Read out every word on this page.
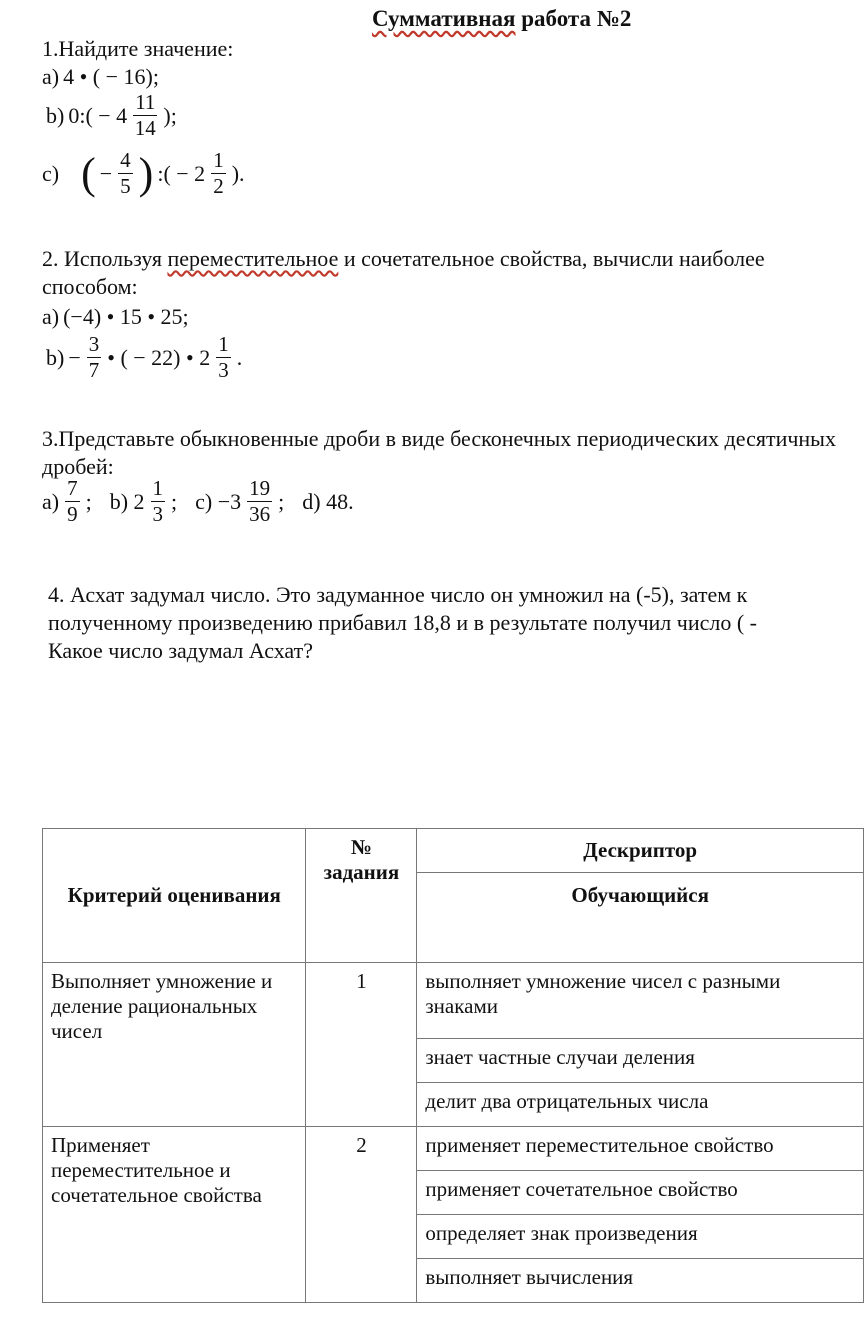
Суммативная работа №2
1.Найдите значение:
a) 4 • ( − 16);
b) 0:( − $4 \frac{11}{14}$ );
c) ( − $\frac{4}{5}$ ) :( − $2 \frac{1}{2}$ ).
2. Используя переместительное и сочетательное свойства, вычисли наиболее
способом:
a) (−4) • 15 • 25;
$b) - \frac{3}{7}$ • ( − 22) • $2 \frac{1}{3}$ .
3.Представьте обыкновенные дроби в виде бесконечных периодических десятичных
дробей:
$a) \frac{7}{9}$ ; b) $2 \frac{1}{3}$ ; $c) -3 \frac{19}{36}$ ; d) 48.
4. Асхат задумал число. Это задуманное число он умножил на (-5), затем к
полученному произведению прибавил 18,8 и в результате получил число ( -
Какое число задумал Асхат?
Критерий оценивания	№ задания	Дескриптор
		Обучающийся
Выполняет умножение и деление рациональных чисел	1	выполняет умножение чисел с разными знаками
		знает частные случаи деления
		делит два отрицательных числа
Применяет переместительное и сочетательное свойства	2	применяет переместительное свойство
		применяет сочетательное свойство
		определяет знак произведения
		выполняет вычисления
